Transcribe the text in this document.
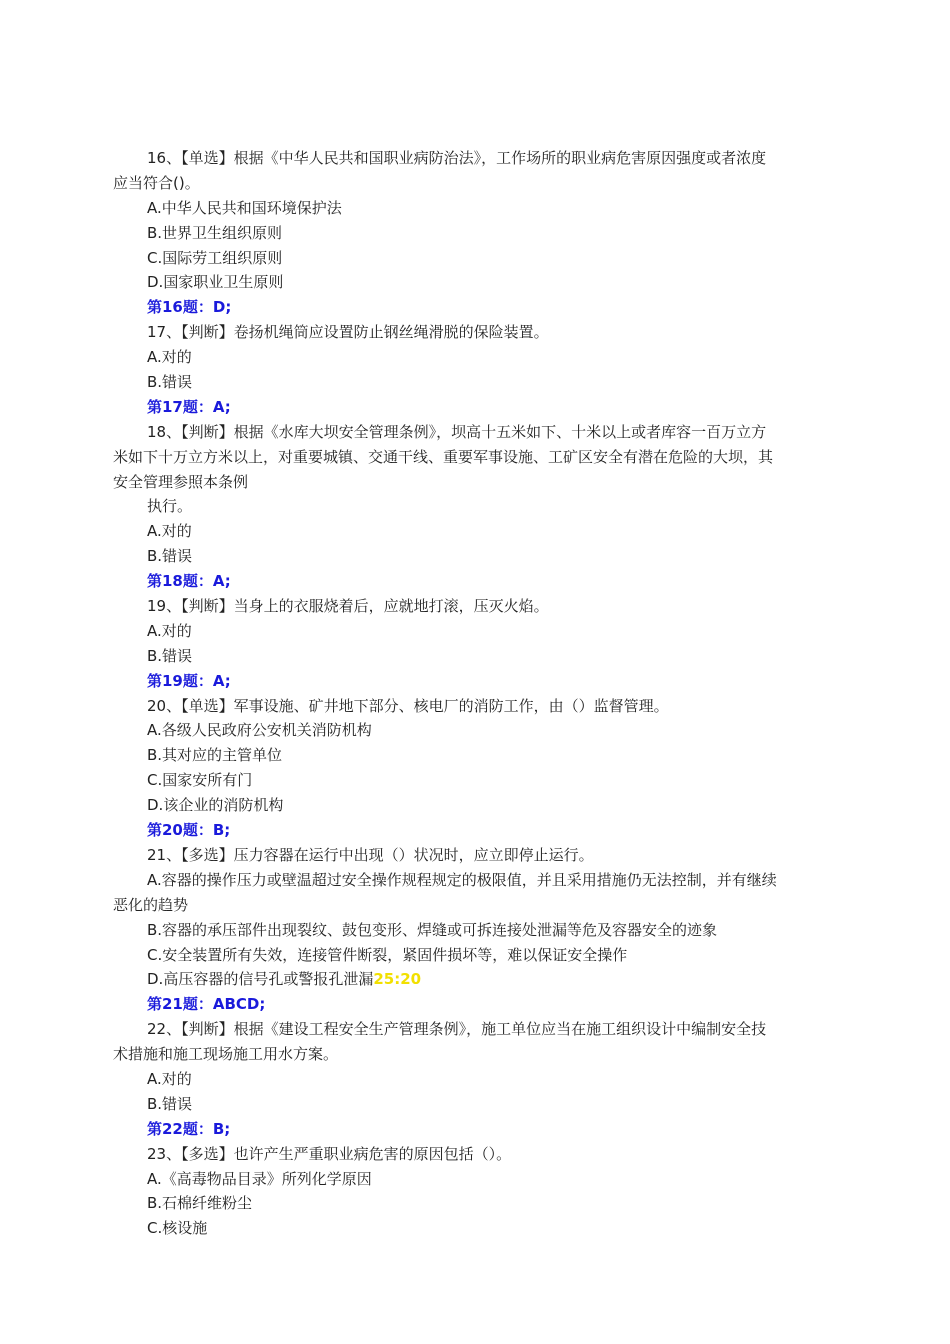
16、【单选】根据《中华人民共和国职业病防治法》，工作场所的职业病危害原因强度或者浓度
应当符合()。
A.中华人民共和国环境保护法
B.世界卫生组织原则
C.国际劳工组织原则
D.国家职业卫生原则
第16题：D;
17、【判断】卷扬机绳筒应设置防止钢丝绳滑脱的保险装置。
A.对的
B.错误
第17题：A;
18、【判断】根据《水库大坝安全管理条例》，坝高十五米如下、十米以上或者库容一百万立方
米如下十万立方米以上，对重要城镇、交通干线、重要军事设施、工矿区安全有潜在危险的大坝，其
安全管理参照本条例
执行。
A.对的
B.错误
第18题：A;
19、【判断】当身上的衣服烧着后，应就地打滚，压灭火焰。
A.对的
B.错误
第19题：A;
20、【单选】军事设施、矿井地下部分、核电厂的消防工作，由（）监督管理。
A.各级人民政府公安机关消防机构
B.其对应的主管单位
C.国家安所有门
D.该企业的消防机构
第20题：B;
21、【多选】压力容器在运行中出现（）状况时，应立即停止运行。
A.容器的操作压力或壁温超过安全操作规程规定的极限值，并且采用措施仍无法控制，并有继续
恶化的趋势
B.容器的承压部件出现裂纹、鼓包变形、焊缝或可拆连接处泄漏等危及容器安全的迹象
C.安全装置所有失效，连接管件断裂，紧固件损坏等，难以保证安全操作
D.高压容器的信号孔或警报孔泄漏25:20
第21题：ABCD;
22、【判断】根据《建设工程安全生产管理条例》，施工单位应当在施工组织设计中编制安全技
术措施和施工现场施工用水方案。
A.对的
B.错误
第22题：B;
23、【多选】也许产生严重职业病危害的原因包括（）。
A.《高毒物品目录》所列化学原因
B.石棉纤维粉尘
C.核设施
